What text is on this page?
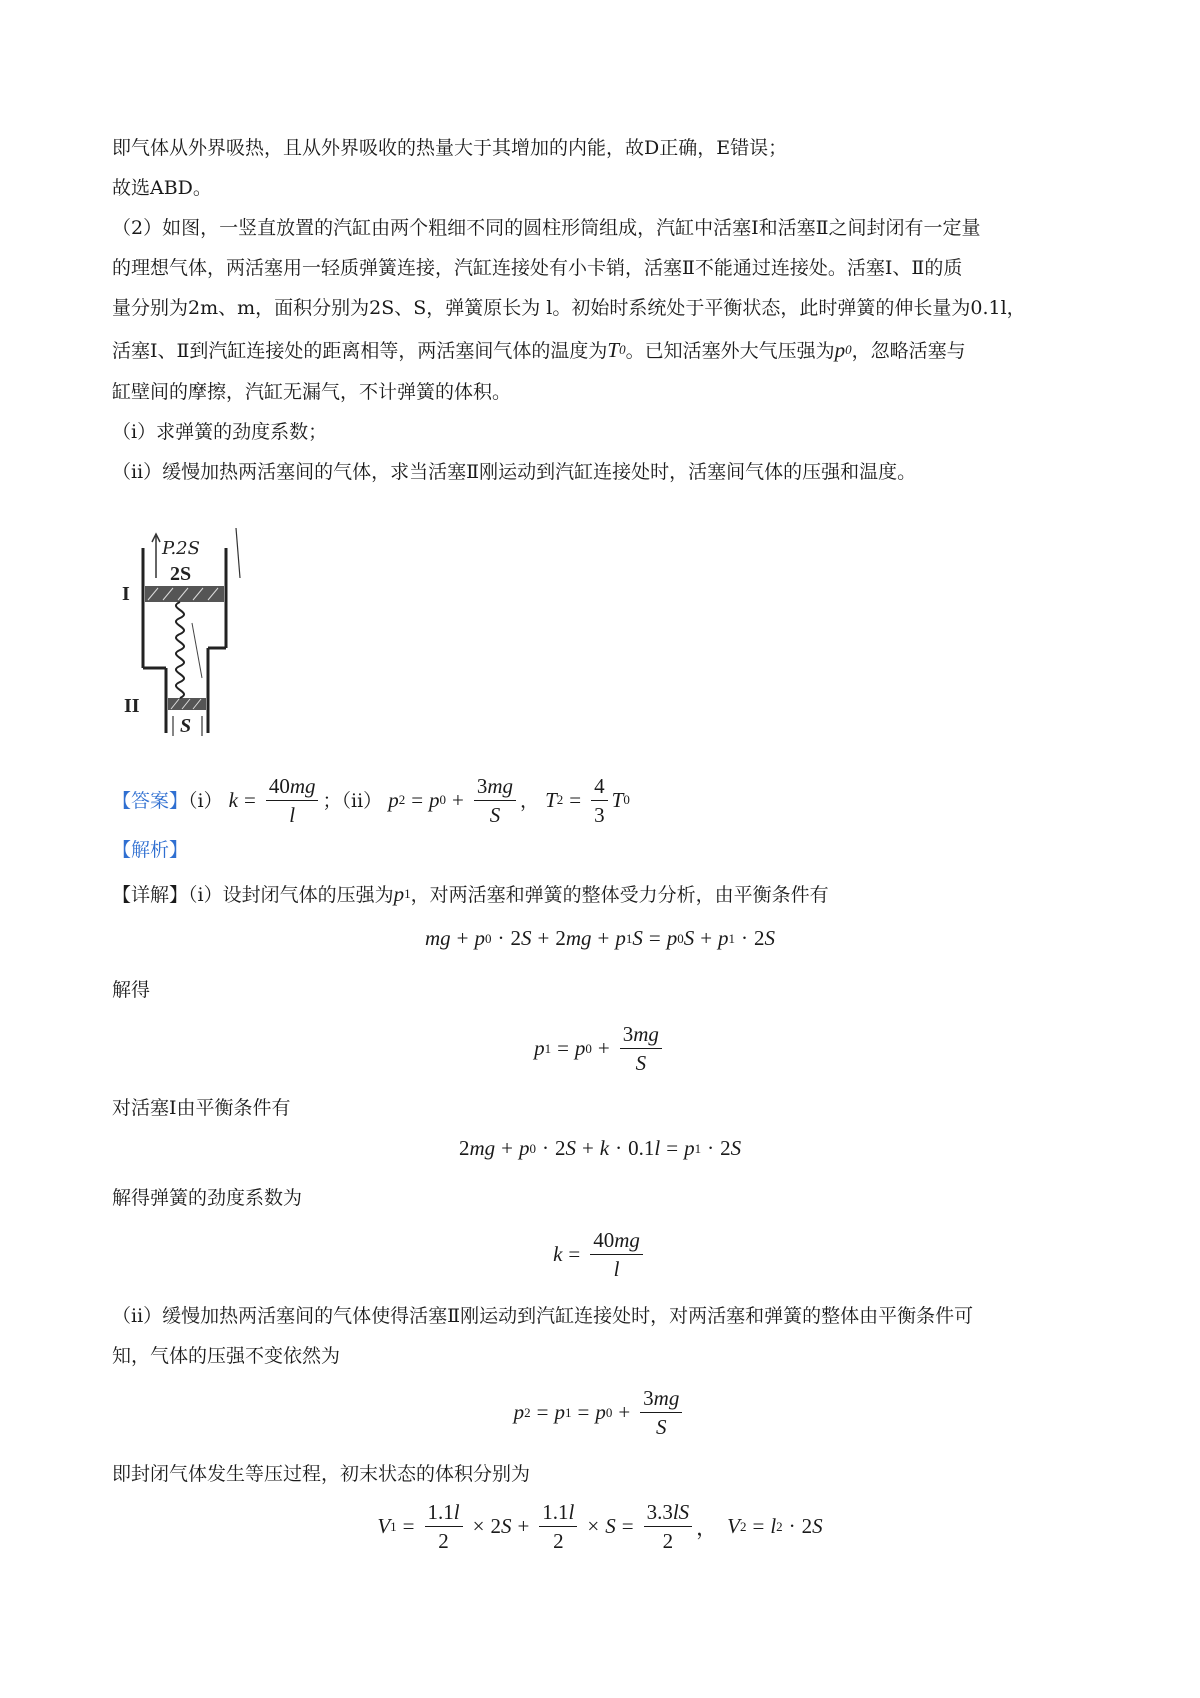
即气体从外界吸热，且从外界吸收的热量大于其增加的内能，故D正确，E错误；
故选ABD。
（2）如图，一竖直放置的汽缸由两个粗细不同的圆柱形筒组成，汽缸中活塞Ⅰ和活塞Ⅱ之间封闭有一定量
的理想气体，两活塞用一轻质弹簧连接，汽缸连接处有小卡销，活塞Ⅱ不能通过连接处。活塞Ⅰ、Ⅱ的质
量分别为2m、m，面积分别为2S、S，弹簧原长为 l。初始时系统处于平衡状态，此时弹簧的伸长量为0.1l，
活塞Ⅰ、Ⅱ到汽缸连接处的距离相等，两活塞间气体的温度为T 0 。已知活塞外大气压强为p 0 ，忽略活塞与
缸壁间的摩擦，汽缸无漏气，不计弹簧的体积。
（ⅰ）求弹簧的劲度系数；
（ⅱ）缓慢加热两活塞间的气体，求当活塞Ⅱ刚运动到汽缸连接处时，活塞间气体的压强和温度。
P.2S
2S
I
II
S
【答案】（ⅰ） $k = \frac{40mg}{l}$ ；（ⅱ） p 2 = p $0 + \frac{3mg}{S}$ ， T $2 = \frac{4}{3}$ T 0
【解析】
【详解】（ⅰ）设封闭气体的压强为 p 1 ，对两活塞和弹簧的整体受力分析，由平衡条件有
mg + p 0 · 2 S + 2 mg + p 1 S = p 0 S + p 1 · 2 S
解得
p 1 = p $0 + \frac{3mg}{S}$
对活塞Ⅰ由平衡条件有
2 mg + p 0 · 2 S + k · 0.1 l = p 1 · 2 S
解得弹簧的劲度系数为
$k = \frac{40mg}{l}$
（ⅱ）缓慢加热两活塞间的气体使得活塞Ⅱ刚运动到汽缸连接处时，对两活塞和弹簧的整体由平衡条件可
知，气体的压强不变依然为
p 2 = p 1 = p $0 + \frac{3mg}{S}$
即封闭气体发生等压过程，初末状态的体积分别为
V $1 = \frac{1.1l}{2} \times 2$ $S + \frac{1.1l}{2} \times S = \frac{3.3lS}{2}$ ， V 2 = l 2 · 2 S
